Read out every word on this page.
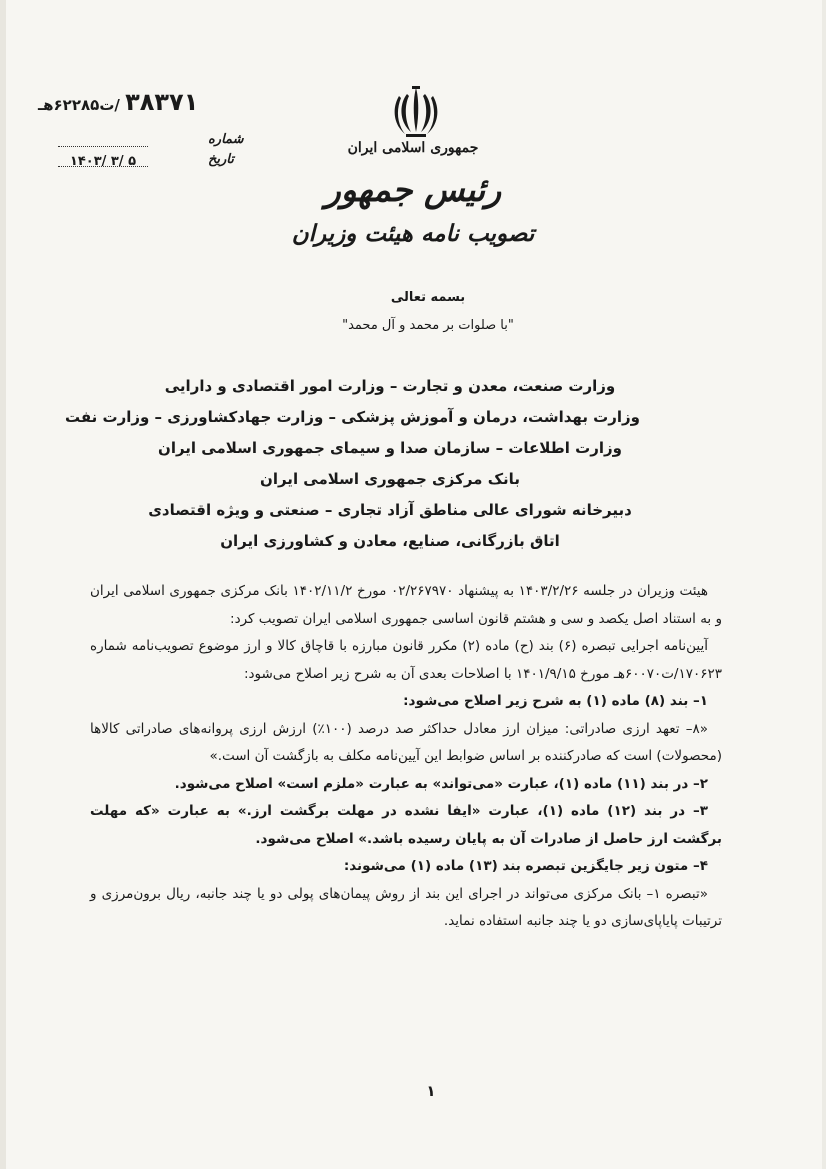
۳۸۳۷۱ /ت۶۲۲۸۵هـ
شماره
۱۴۰۳/ ۳/ ۵	تاریخ
جمهوری اسلامی ایران
رئیس جمهور
تصویب نامه هیئت وزیران
بسمه تعالی
"با صلوات بر محمد و آل محمد"
وزارت صنعت، معدن و تجارت – وزارت امور اقتصادی و دارایی
وزارت بهداشت، درمان و آموزش پزشکی – وزارت جهادکشاورزی – وزارت نفت
وزارت اطلاعات – سازمان صدا و سیمای جمهوری اسلامی ایران
بانک مرکزی جمهوری اسلامی ایران
دبیرخانه شورای عالی مناطق آزاد تجاری – صنعتی و ویژه اقتصادی
اتاق بازرگانی، صنایع، معادن و کشاورزی ایران

هیئت وزیران در جلسه ۱۴۰۳/۲/۲۶ به پیشنهاد ۰۲/۲۶۷۹۷۰ مورخ ۱۴۰۲/۱۱/۲ بانک مرکزی جمهوری اسلامی ایران و به استناد اصل یکصد و سی و هشتم قانون اساسی جمهوری اسلامی ایران تصویب کرد:

آیین‌نامه اجرایی تبصره (۶) بند (ح) ماده (۲) مکرر قانون مبارزه با قاچاق کالا و ارز موضوع تصویب‌نامه شماره ۱۷۰۶۲۳/ت۶۰۰۷۰هـ مورخ ۱۴۰۱/۹/۱۵ با اصلاحات بعدی آن به شرح زیر اصلاح می‌شود:

۱– بند (۸) ماده (۱) به شرح زیر اصلاح می‌شود:

«۸– تعهد ارزی صادراتی: میزان ارز معادل حداکثر صد درصد (۱۰۰٪) ارزش ارزی پروانه‌های صادراتی کالاها (محصولات) است که صادرکننده بر اساس ضوابط این آیین‌نامه مکلف به بازگشت آن است.»

۲– در بند (۱۱) ماده (۱)، عبارت «می‌تواند» به عبارت «ملزم است» اصلاح می‌شود.

۳– در بند (۱۲) ماده (۱)، عبارت «ایفا نشده در مهلت برگشت ارز.» به عبارت «که مهلت برگشت ارز حاصل از صادرات آن به پایان رسیده باشد.» اصلاح می‌شود.

۴– متون زیر جایگزین تبصره بند (۱۳) ماده (۱) می‌شوند:

«تبصره ۱– بانک مرکزی می‌تواند در اجرای این بند از روش پیمان‌های پولی دو یا چند جانبه، ریال برون‌مرزی و ترتیبات پایاپای‌سازی دو یا چند جانبه استفاده نماید.

۱
